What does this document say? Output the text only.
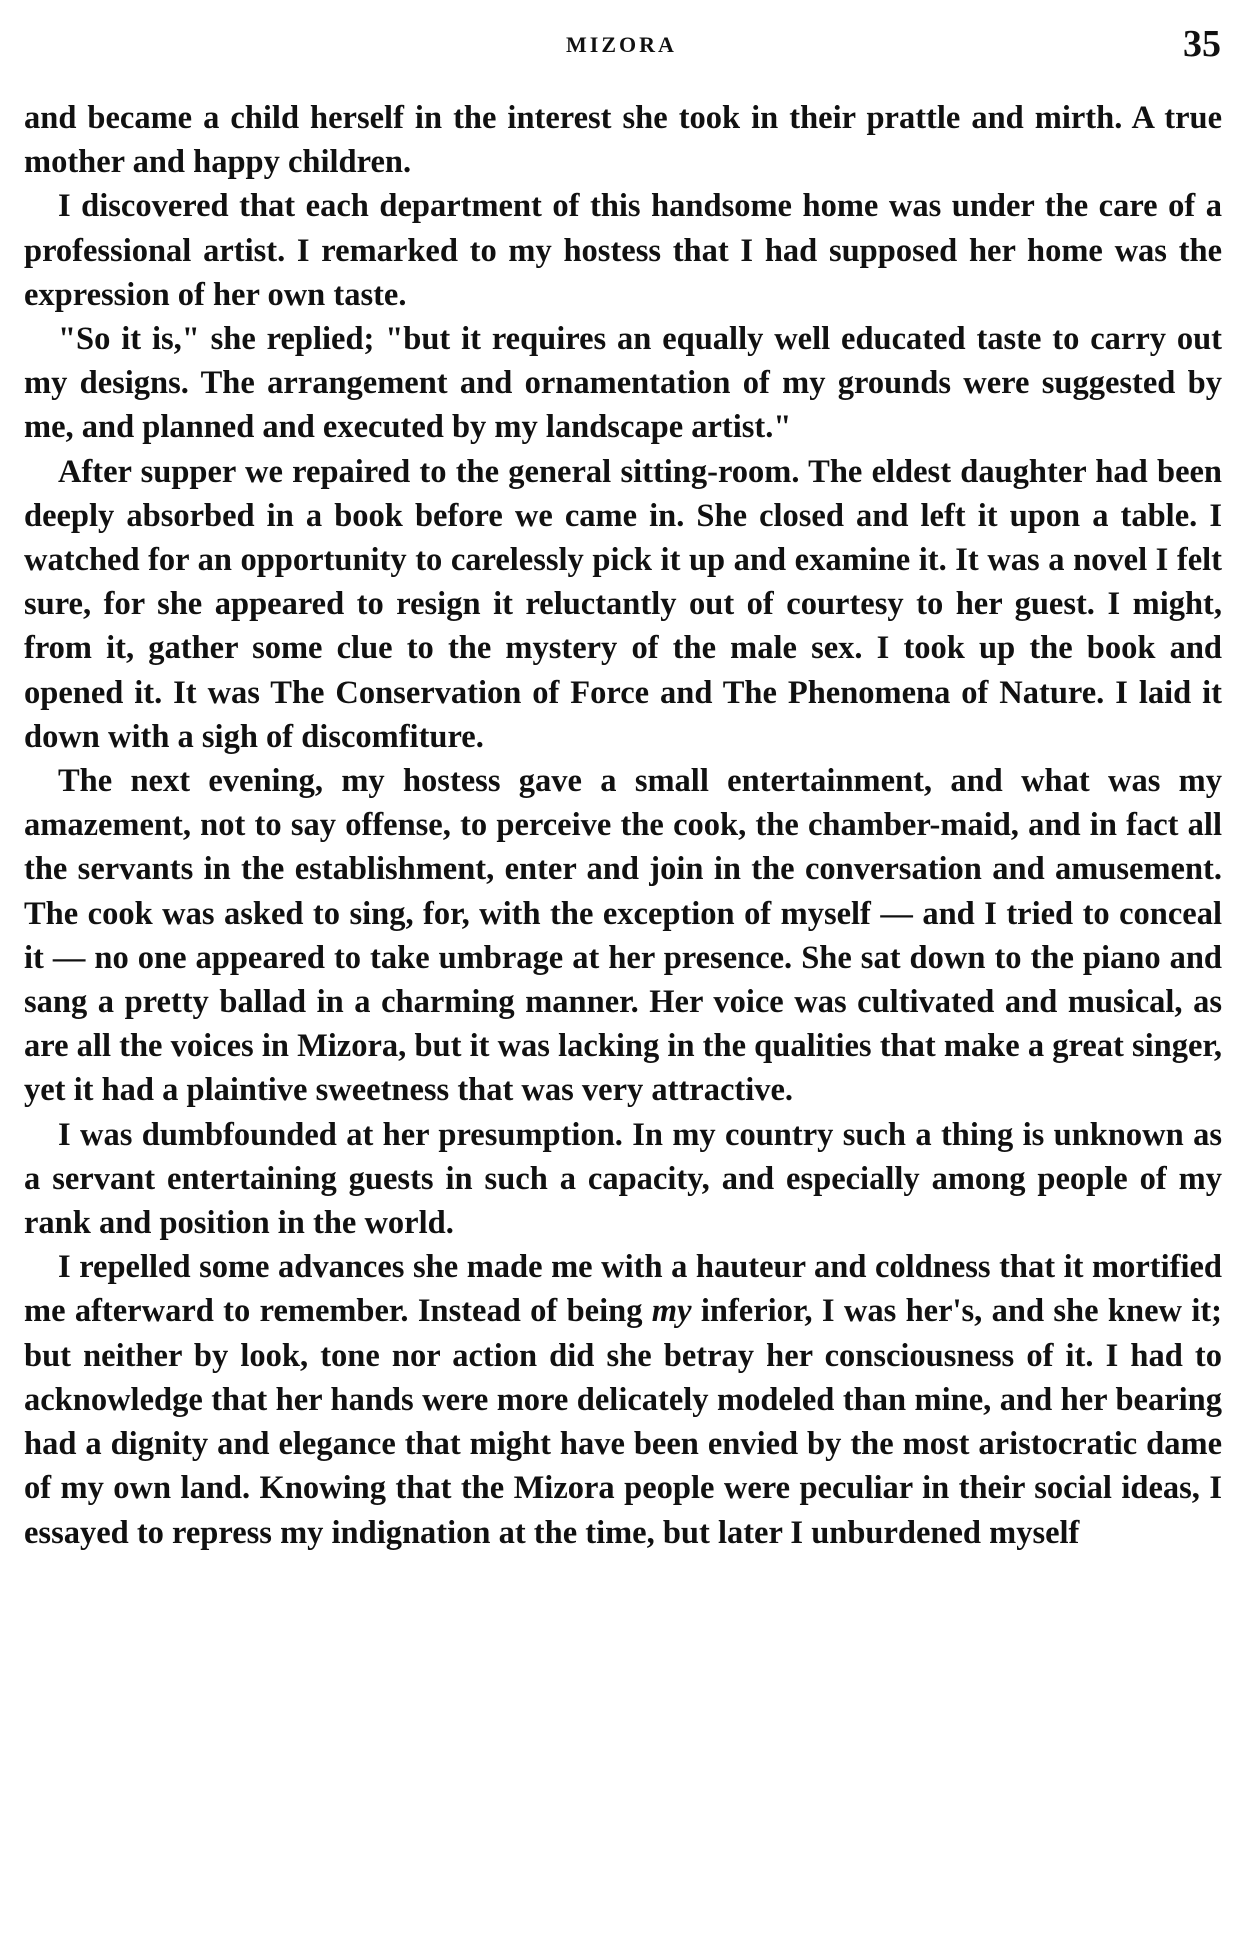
MIZORA	35

and became a child herself in the interest she took in their prattle and mirth. A true mother and happy children.

I discovered that each department of this handsome home was under the care of a professional artist. I remarked to my hostess that I had supposed her home was the expression of her own taste.

"So it is," she replied; "but it requires an equally well educated taste to carry out my designs. The arrangement and ornamentation of my grounds were suggested by me, and planned and executed by my landscape artist."

After supper we repaired to the general sitting-room. The eldest daughter had been deeply absorbed in a book before we came in. She closed and left it upon a table. I watched for an opportunity to carelessly pick it up and examine it. It was a novel I felt sure, for she appeared to resign it reluctantly out of courtesy to her guest. I might, from it, gather some clue to the mystery of the male sex. I took up the book and opened it. It was The Conservation of Force and The Phenomena of Nature. I laid it down with a sigh of discomfiture.

The next evening, my hostess gave a small entertainment, and what was my amazement, not to say offense, to perceive the cook, the chamber-maid, and in fact all the servants in the establishment, enter and join in the conversation and amusement. The cook was asked to sing, for, with the exception of myself — and I tried to conceal it — no one appeared to take umbrage at her presence. She sat down to the piano and sang a pretty ballad in a charming manner. Her voice was cultivated and musical, as are all the voices in Mizora, but it was lacking in the qualities that make a great singer, yet it had a plaintive sweetness that was very attractive.

I was dumbfounded at her presumption. In my country such a thing is unknown as a servant entertaining guests in such a capacity, and especially among people of my rank and position in the world.

I repelled some advances she made me with a hauteur and coldness that it mortified me afterward to remember. Instead of being my inferior, I was her's, and she knew it; but neither by look, tone nor action did she betray her consciousness of it. I had to acknowledge that her hands were more delicately modeled than mine, and her bearing had a dignity and elegance that might have been envied by the most aristocratic dame of my own land. Knowing that the Mizora people were peculiar in their social ideas, I essayed to repress my indignation at the time, but later I unburdened myself
